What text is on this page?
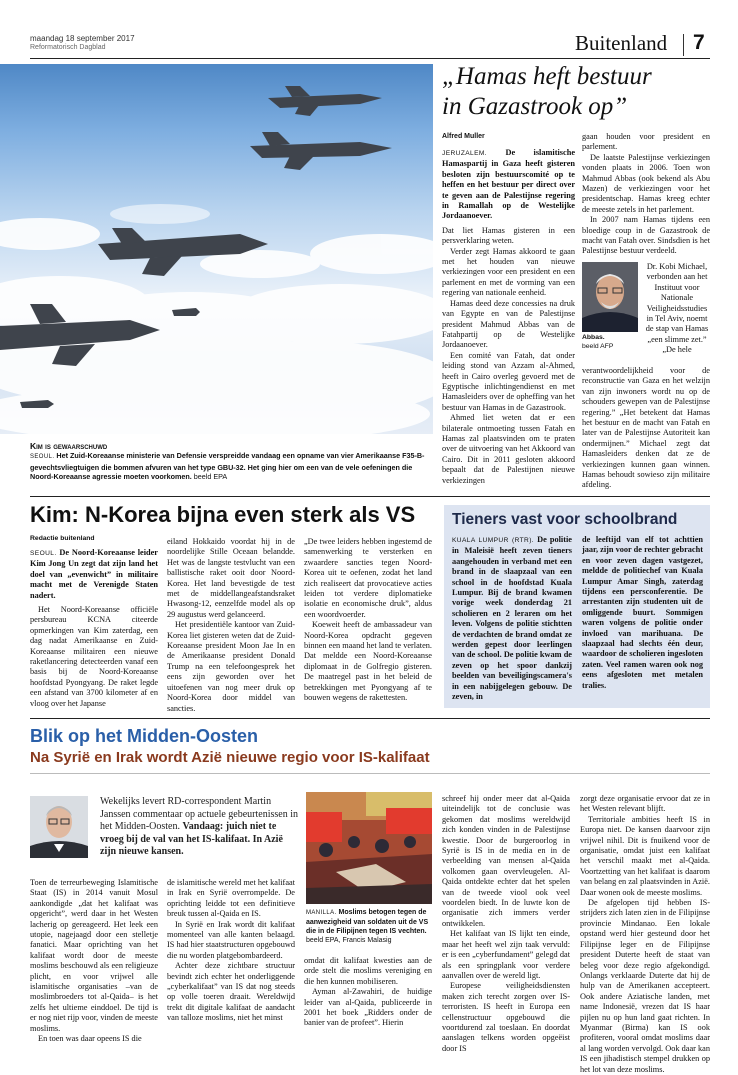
maandag 18 september 2017
Reformatorisch Dagblad	Buitenland 7
Kim is gewaarschuwd
SEOUL. Het Zuid-Koreaanse ministerie van Defensie verspreidde vandaag een opname van vier Amerikaanse F35-B-gevechtsvliegtuigen die bommen afvuren van het type GBU-32. Het ging hier om een van de vele oefeningen die Noord-Koreaanse agressie moeten voorkomen. beeld EPA
„Hamas heft bestuur
in Gazastrook op”
Alfred Muller

JERUZALEM. De islamitische Hamaspartij in Gaza heeft gisteren besloten zijn bestuurscomité op te heffen en het bestuur per direct over te geven aan de Palestijnse regering in Ramallah op de Westelijke Jordaanoever.

Dat liet Hamas gisteren in een persverklaring weten.

Verder zegt Hamas akkoord te gaan met het houden van nieuwe verkiezingen voor een president en een parlement en met de vorming van een regering van nationale eenheid.

Hamas deed deze concessies na druk van Egypte en van de Palestijnse president Mahmud Abbas van de Fatahpartij op de Westelijke Jordaanoever.

Een comité van Fatah, dat onder leiding stond van Azzam al-Ahmed, heeft in Cairo overleg gevoerd met de Egyptische inlichtingendienst en met Hamasleiders over de opheffing van het bestuur van Hamas in de Gazastrook.

Ahmed liet weten dat er een bilaterale ontmoeting tussen Fatah en Hamas zal plaatsvinden om te praten over de uitvoering van het Akkoord van Cairo. Dit in 2011 gesloten akkoord bepaalt dat de Palestijnen nieuwe verkiezingen

gaan houden voor president en parlement.

De laatste Palestijnse verkiezingen vonden plaats in 2006. Toen won Mahmud Abbas (ook bekend als Abu Mazen) de verkiezingen voor het presidentschap. Hamas kreeg echter de meeste zetels in het parlement.

In 2007 nam Hamas tijdens een bloedige coup in de Gazastrook de macht van Fatah over. Sindsdien is het Palestijnse bestuur verdeeld.

Abbas.
beeld AFP
Dr. Kobi Michael, verbonden aan het Instituut voor Nationale Veiligheidsstudies in Tel Aviv, noemt de stap van Hamas „een slimme zet.” „De hele
verantwoordelijkheid voor de reconstructie van Gaza en het welzijn van zijn inwoners wordt nu op de schouders gewepen van de Palestijnse regering.” „Het betekent dat Hamas het bestuur en de macht van Fatah en later van de Palestijnse Autoriteit kan ondermijnen.” Michael zegt dat Hamasleiders denken dat ze de verkiezingen kunnen gaan winnen. Hamas behoudt sowieso zijn militaire afdeling.
Kim: N-Korea bijna even sterk als VS
Redactie buitenland

SEOUL. De Noord-Koreaanse leider Kim Jong Un zegt dat zijn land het doel van „evenwicht” in militaire macht met de Verenigde Staten nadert.

Het Noord-Koreaanse officiële persbureau KCNA citeerde opmerkingen van Kim zaterdag, een dag nadat Amerikaanse en Zuid-Koreaanse militairen een nieuwe raketlancering detecteerden vanaf een basis bij de Noord-Koreaanse hoofdstad Pyongyang. De raket legde een afstand van 3700 kilometer af en vloog over het Japanse

eiland Hokkaido voordat hij in de noordelijke Stille Oceaan belandde. Het was de langste testvlucht van een ballistische raket ooit door Noord-Korea. Het land bevestigde de test met de middellangeafstandsraket Hwasong-12, eenzelfde model als op 29 augustus werd gelanceerd.

Het presidentiële kantoor van Zuid-Korea liet gisteren weten dat de Zuid-Koreaanse president Moon Jae In en de Amerikaanse president Donald Trump na een telefoongesprek het eens zijn geworden over het uitoefenen van nog meer druk op Noord-Korea door middel van sancties.

„De twee leiders hebben ingestemd de samenwerking te versterken en zwaardere sancties tegen Noord-Korea uit te oefenen, zodat het land zich realiseert dat provocatieve acties leiden tot verdere diplomatieke isolatie en economische druk”, aldus een woordvoerder.

Koeweit heeft de ambassadeur van Noord-Korea opdracht gegeven binnen een maand het land te verlaten. Dat meldde een Noord-Koreaanse diplomaat in de Golfregio gisteren. De maatregel past in het beleid de betrekkingen met Pyongyang af te bouwen wegens de rakettesten.

Tieners vast voor schoolbrand

KUALA LUMPUR (RTR). De politie in Maleisië heeft zeven tieners aangehouden in verband met een brand in de slaapzaal van een school in de hoofdstad Kuala Lumpur. Bij de brand kwamen vorige week donderdag 21 scholieren en 2 leraren om het leven. Volgens de politie stichtten de verdachten de brand omdat ze werden gepest door leerlingen van de school. De politie kwam de zeven op het spoor dankzij beelden van beveiligingscamera's in een nabijgelegen gebouw. De zeven, in

de leeftijd van elf tot achttien jaar, zijn voor de rechter gebracht en voor zeven dagen vastgezet, meldde de politiechef van Kuala Lumpur Amar Singh, zaterdag tijdens een persconferentie. De arrestanten zijn studenten uit de omliggende buurt. Sommigen waren volgens de politie onder invloed van marihuana. De slaapzaal had slechts één deur, waardoor de scholieren ingesloten zaten. Veel ramen waren ook nog eens afgesloten met metalen tralies.
Blik op het Midden-Oosten
Na Syrië en Irak wordt Azië nieuwe regio voor IS-kalifaat
Wekelijks levert RD-correspondent Martin Janssen commentaar op actuele gebeurtenissen in het Midden-Oosten. Vandaag: juich niet te vroeg bij de val van het IS-kalifaat. In Azië zijn nieuwe kansen.

Toen de terreurbeweging Islamitische Staat (IS) in 2014 vanuit Mosul aankondigde „dat het kalifaat was opgericht”, werd daar in het Westen lacherig op gereageerd. Het leek een utopie, nagejaagd door een stelletje fanatici. Maar oprichting van het kalifaat wordt door de meeste moslims beschouwd als een religieuze plicht, en voor vrijwel alle islamitische organisaties –van de moslimbroeders tot al-Qaida– is het zelfs het ultieme einddoel. De tijd is er nog niet rijp voor, vinden de meeste moslims.

En toen was daar opeens IS die

de islamitische wereld met het kalifaat in Irak en Syrië overrompelde. De oprichting leidde tot een definitieve breuk tussen al-Qaida en IS.

In Syrië en Irak wordt dit kalifaat momenteel van alle kanten belaagd. IS had hier staatstructuren opgebouwd die nu worden platgebombardeerd.

Achter deze zichtbare structuur bevindt zich echter het onderliggende „cyberkalifaat” van IS dat nog steeds op volle toeren draait. Wereldwijd trekt dit digitale kalifaat de aandacht van talloze moslims, niet het minst

MANILLA. Moslims betogen tegen de aanwezigheid van soldaten uit de VS die in de Filipijnen tegen IS vechten. beeld EPA, Francis Malasig

omdat dit kalifaat kwesties aan de orde stelt die moslims vereniging en die hen kunnen mobiliseren.

Ayman al-Zawahiri, de huidige leider van al-Qaida, publiceerde in 2001 het boek „Ridders onder de banier van de profeet”. Hierin

schreef hij onder meer dat al-Qaida uiteindelijk tot de conclusie was gekomen dat moslims wereldwijd zich konden vinden in de Palestijnse kwestie. Door de burgeroorlog in Syrië is IS in de media en in de verbeelding van mensen al-Qaida volkomen gaan overvleugelen. Al-Qaida ontdekte echter dat het spelen van de tweede viool ook veel voordelen biedt. In de luwte kon de organisatie zich immers verder ontwikkelen.

Het kalifaat van IS lijkt ten einde, maar het heeft wel zijn taak vervuld: er is een „cyberfundament” gelegd dat als een springplank voor verdere aanvallen over de wereld ligt.

Europese veiligheidsdiensten maken zich terecht zorgen over IS-terroristen. IS heeft in Europa een cellenstructuur opgebouwd die voortdurend zal toeslaan. En doordat aanslagen telkens worden opgeëist door IS

zorgt deze organisatie ervoor dat ze in het Westen relevant blijft.

Territoriale ambities heeft IS in Europa niet. De kansen daarvoor zijn vrijwel nihil. Dit is fnuikend voor de organisatie, omdat juist een kalifaat het verschil maakt met al-Qaida. Voortzetting van het kalifaat is daarom van belang en zal plaatsvinden in Azië. Daar wonen ook de meeste moslims.

De afgelopen tijd hebben IS-strijders zich laten zien in de Filipijnse provincie Mindanao. Een lokale opstand werd hier gesteund door het Filipijnse leger en de Filipijnse president Duterte heeft de staat van beleg voor deze regio afgekondigd. Onlangs verklaarde Duterte dat hij de hulp van de Amerikanen accepteert. Ook andere Aziatische landen, met name Indonesië, vrezen dat IS haar pijlen nu op hun land gaat richten. In Myanmar (Birma) kan IS ook profiteren, vooral omdat moslims daar al lang worden vervolgd. Ook daar kan IS een jihadistisch stempel drukken op het lot van deze moslims.
